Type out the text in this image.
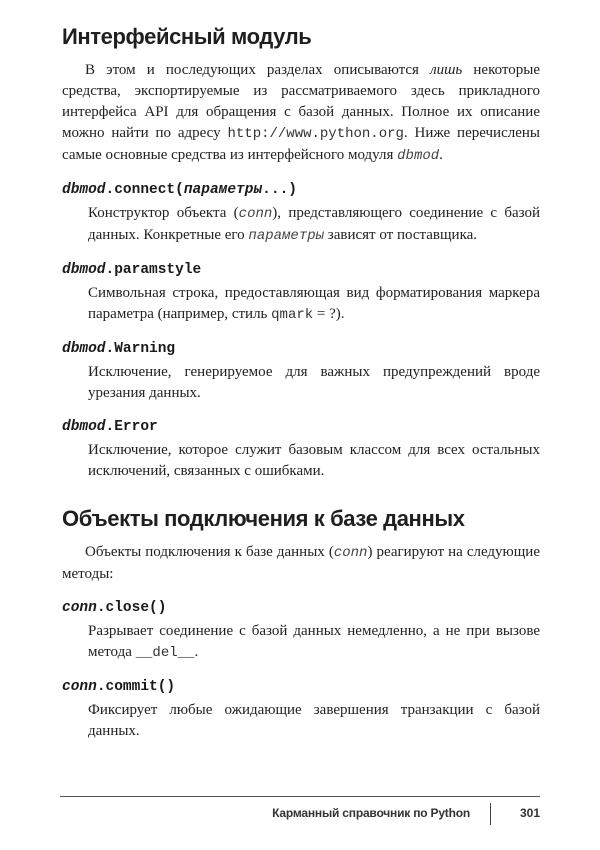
Интерфейсный модуль

В этом и последующих разделах описываются лишь некоторые средства, экспортируемые из рассматриваемого здесь прикладного интерфейса API для обращения с базой данных. Полное их описание можно найти по адресу http://www.python.org. Ниже перечислены самые основные средства из интерфейсного модуля dbmod.

dbmod.connect(параметры...)
Конструктор объекта (conn), представляющего соединение с базой данных. Конкретные его параметры зависят от поставщика.
dbmod.paramstyle
Символьная строка, предоставляющая вид форматирования маркера параметра (например, стиль qmark = ?).
dbmod.Warning
Исключение, генерируемое для важных предупреждений вроде урезания данных.
dbmod.Error
Исключение, которое служит базовым классом для всех остальных исключений, связанных с ошибками.
Объекты подключения к базе данных

Объекты подключения к базе данных (conn) реагируют на следующие методы:

conn.close()
Разрывает соединение с базой данных немедленно, а не при вызове метода __del__.
conn.commit()
Фиксирует любые ожидающие завершения транзакции с базой данных.
Карманный справочник по Python	301
